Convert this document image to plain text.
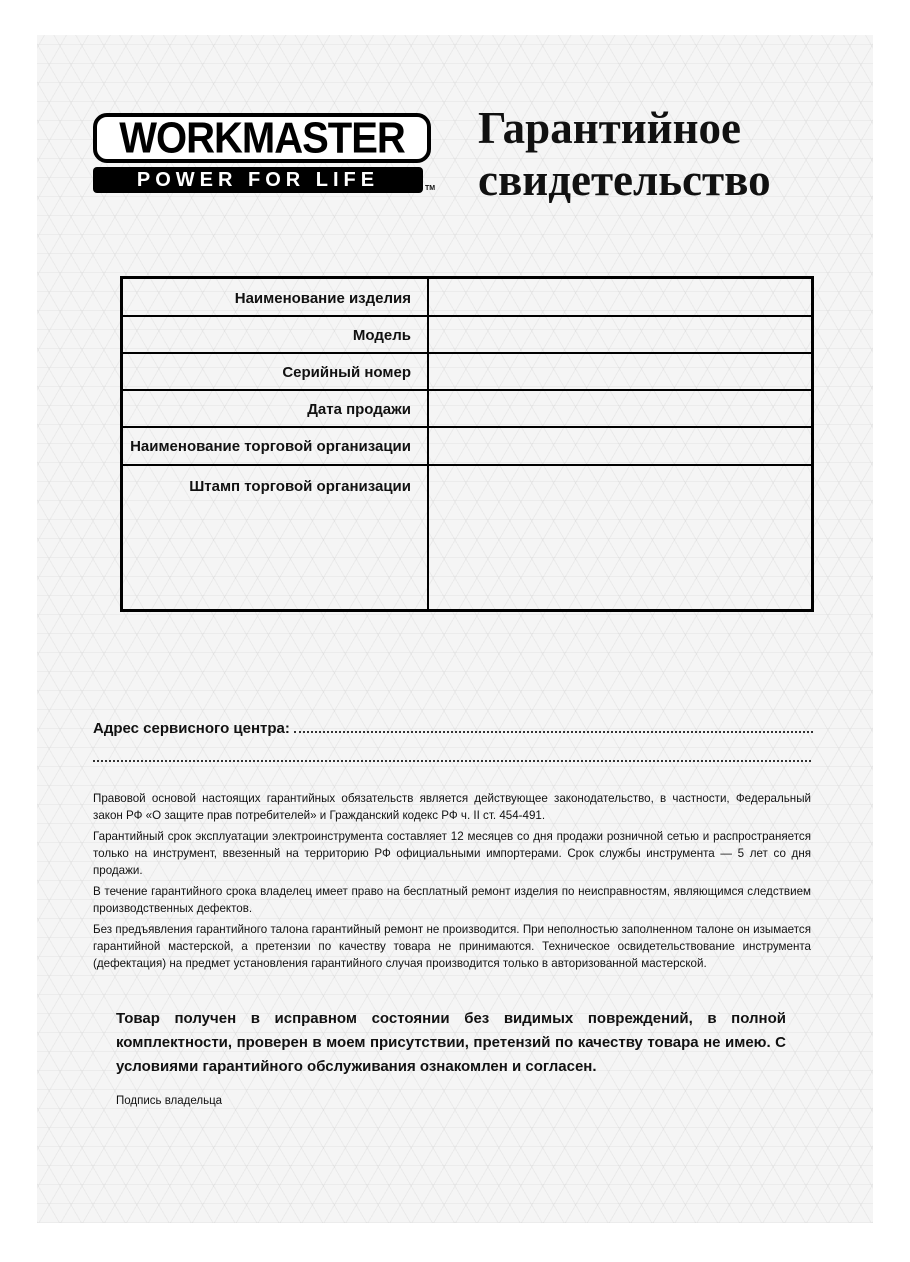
WORKMASTER
POWER FOR LIFE	TM
Гарантийное
свидетельство
Наименование изделия
Модель
Серийный номер
Дата продажи
Наименование торговой организации
Штамп торговой организации
Адрес сервисного центра:

Правовой основой настоящих гарантийных обязательств является действующее законодательство, в частности, Федеральный закон РФ «О защите прав потребителей» и Гражданский кодекс РФ ч. II ст. 454-491.

Гарантийный срок эксплуатации электроинструмента составляет 12 месяцев со дня продажи розничной сетью и распространяется только на инструмент, ввезенный на территорию РФ официальными импортерами. Срок службы инструмента — 5 лет со дня продажи.

В течение гарантийного срока владелец имеет право на бесплатный ремонт изделия по неисправностям, являющимся следствием производственных дефектов.

Без предъявления гарантийного талона гарантийный ремонт не производится. При неполностью заполненном талоне он изымается гарантийной мастерской, а претензии по качеству товара не принимаются. Техническое освидетельствование инструмента (дефектация) на предмет установления гарантийного случая производится только в авторизованной мастерской.

Товар получен в исправном состоянии без видимых повреждений, в полной комплектности, проверен в моем присутствии, претензий по качеству товара не имею. С условиями гарантийного обслуживания ознакомлен и согласен.
Подпись владельца
